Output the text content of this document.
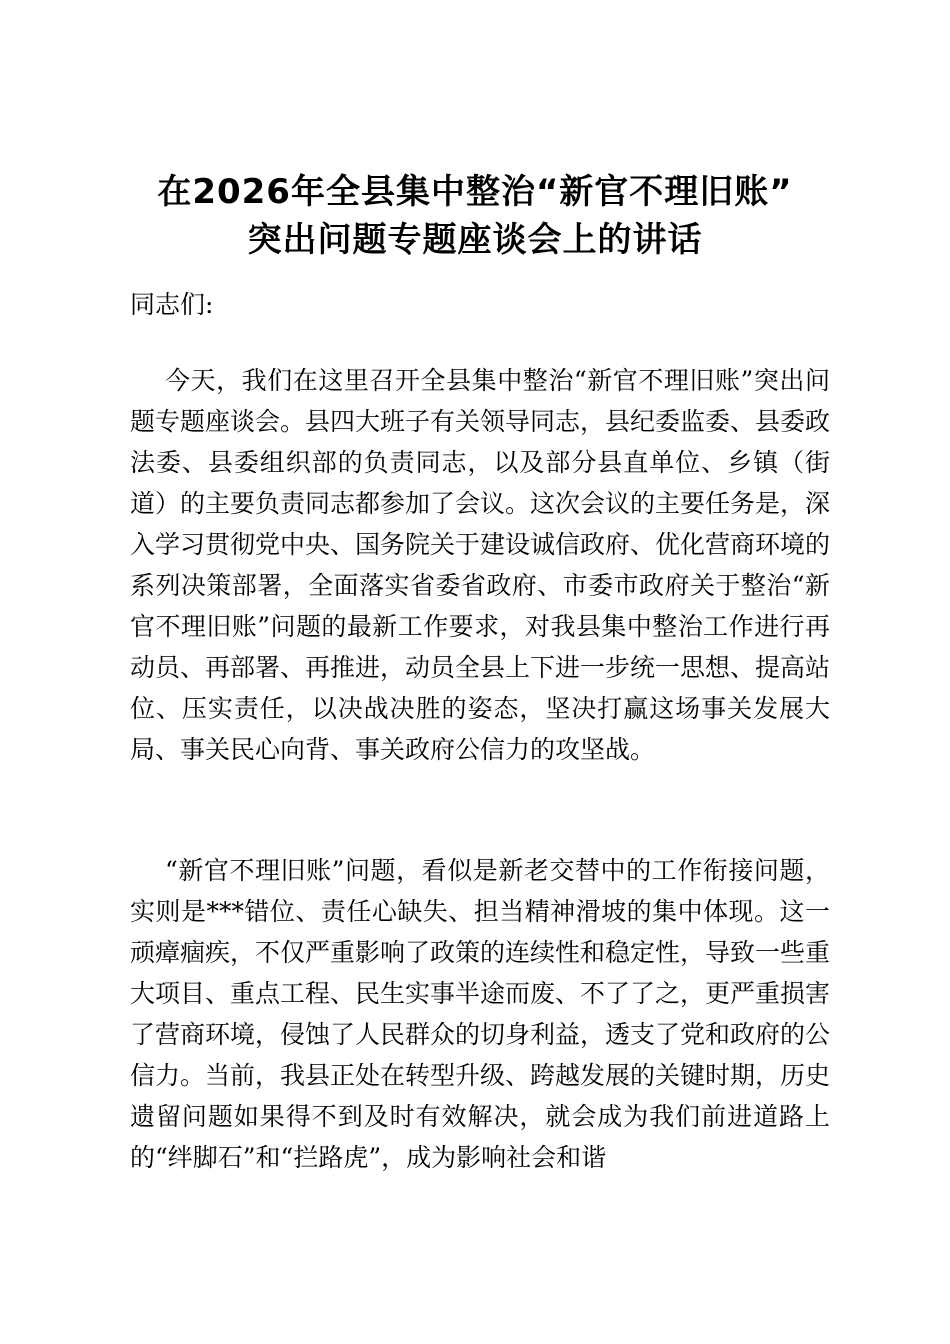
在2026年全县集中整治“新官不理旧账”
突出问题专题座谈会上的讲话
同志们:

今天，我们在这里召开全县集中整治“新官不理旧账”突出问题专题座谈会。县四大班子有关领导同志，县纪委监委、县委政法委、县委组织部的负责同志，以及部分县直单位、乡镇（街道）的主要负责同志都参加了会议。这次会议的主要任务是，深入学习贯彻党中央、国务院关于建设诚信政府、优化营商环境的系列决策部署，全面落实省委省政府、市委市政府关于整治“新官不理旧账”问题的最新工作要求，对我县集中整治工作进行再动员、再部署、再推进，动员全县上下进一步统一思想、提高站位、压实责任，以决战决胜的姿态，坚决打赢这场事关发展大局、事关民心向背、事关政府公信力的攻坚战。

“新官不理旧账”问题，看似是新老交替中的工作衔接问题，实则是***错位、责任心缺失、担当精神滑坡的集中体现。这一顽瘴痼疾，不仅严重影响了政策的连续性和稳定性，导致一些重大项目、重点工程、民生实事半途而废、不了了之，更严重损害了营商环境，侵蚀了人民群众的切身利益，透支了党和政府的公信力。当前，我县正处在转型升级、跨越发展的关键时期，历史遗留问题如果得不到及时有效解决，就会成为我们前进道路上的“绊脚石”和“拦路虎”，成为影响社会和谐
